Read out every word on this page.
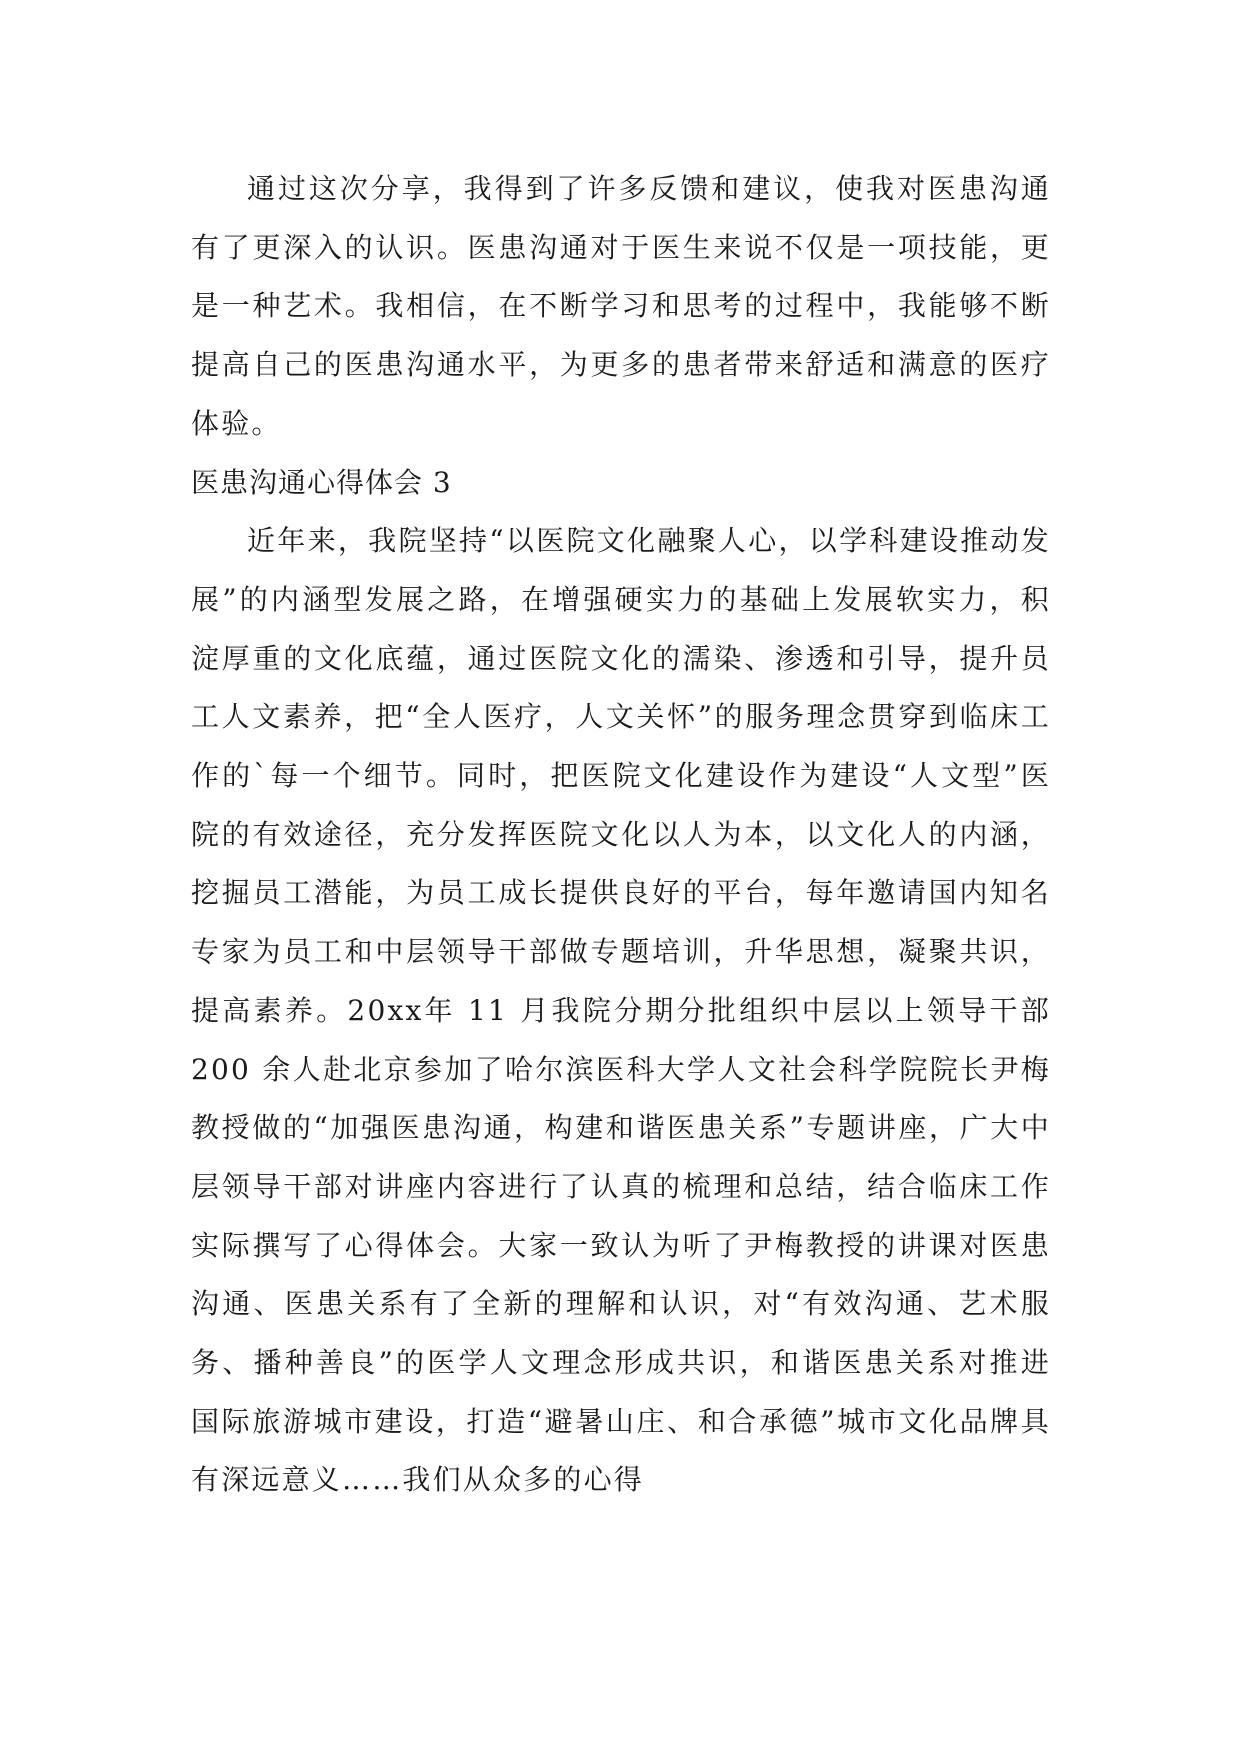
通过这次分享，我得到了许多反馈和建议，使我对医患沟通有了更深入的认识。医患沟通对于医生来说不仅是一项技能，更是一种艺术。我相信，在不断学习和思考的过程中，我能够不断提高自己的医患沟通水平，为更多的患者带来舒适和满意的医疗体验。

医患沟通心得体会 3

近年来，我院坚持“以医院文化融聚人心，以学科建设推动发展”的内涵型发展之路，在增强硬实力的基础上发展软实力，积淀厚重的文化底蕴，通过医院文化的濡染、渗透和引导，提升员工人文素养，把“全人医疗，人文关怀”的服务理念贯穿到临床工作的`每一个细节。同时，把医院文化建设作为建设“人文型”医院的有效途径，充分发挥医院文化以人为本，以文化人的内涵，挖掘员工潜能，为员工成长提供良好的平台，每年邀请国内知名专家为员工和中层领导干部做专题培训，升华思想，凝聚共识，提高素养。20xx年 11 月我院分期分批组织中层以上领导干部 200 余人赴北京参加了哈尔滨医科大学人文社会科学院院长尹梅教授做的“加强医患沟通，构建和谐医患关系”专题讲座，广大中层领导干部对讲座内容进行了认真的梳理和总结，结合临床工作实际撰写了心得体会。大家一致认为听了尹梅教授的讲课对医患沟通、医患关系有了全新的理解和认识，对“有效沟通、艺术服务、播种善良”的医学人文理念形成共识，和谐医患关系对推进国际旅游城市建设，打造“避暑山庄、和合承德”城市文化品牌具有深远意义……我们从众多的心得
